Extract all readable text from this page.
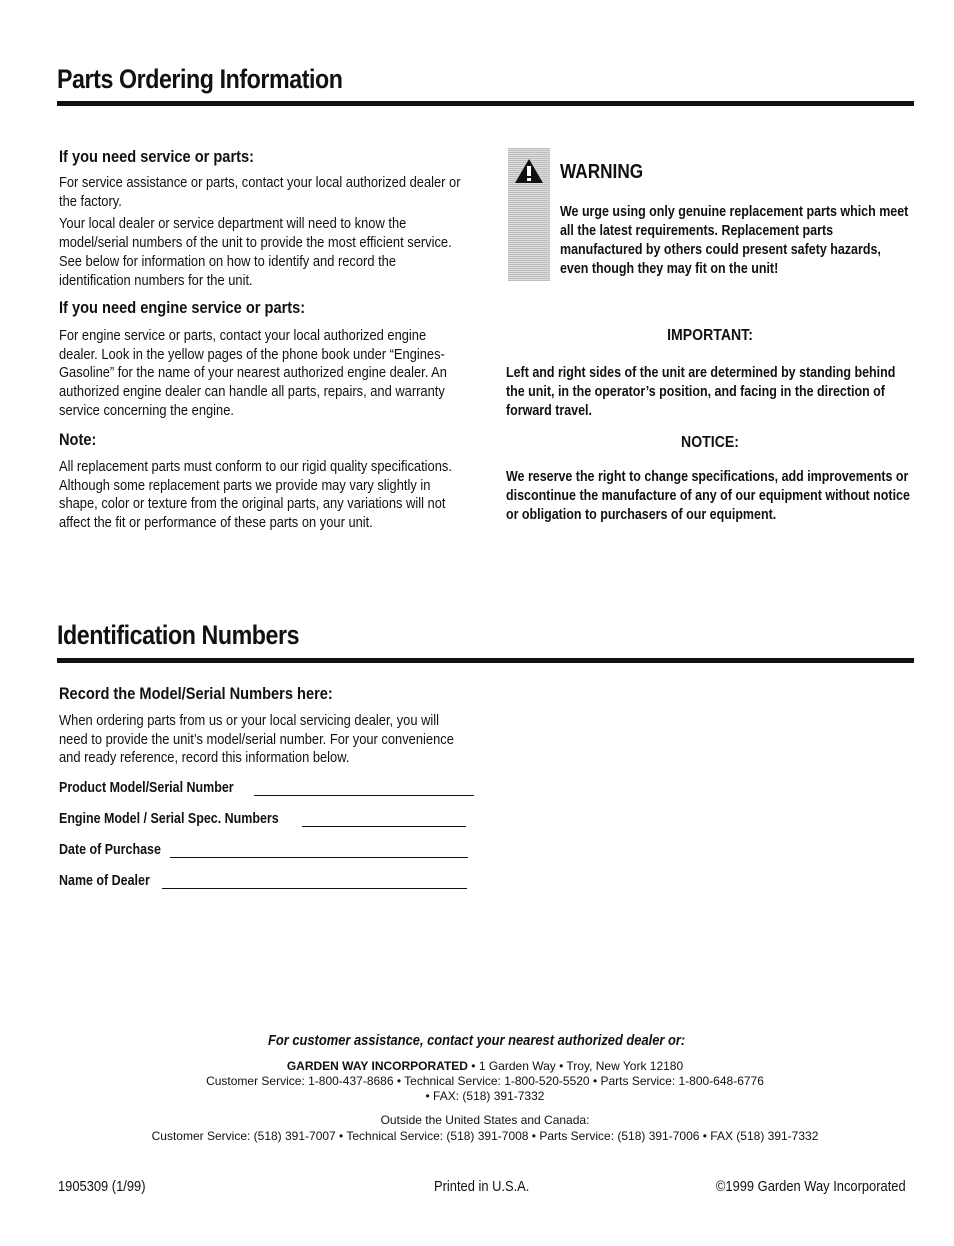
Parts Ordering Information
If you need service or parts:

For service assistance or parts, contact your local authorized dealer or the factory.

Your local dealer or service department will need to know the model/serial numbers of the unit to provide the most efficient service. See below for information on how to identify and record the identification numbers for the unit.

If you need engine service or parts:
For engine service or parts, contact your local authorized engine dealer. Look in the yellow pages of the phone book under “Engines-Gasoline” for the name of your nearest authorized engine dealer. An authorized engine dealer can handle all parts, repairs, and warranty service concerning the engine.
Note:
All replacement parts must conform to our rigid quality specifications. Although some replacement parts we provide may vary slightly in shape, color or texture from the original parts, any variations will not affect the fit or performance of these parts on your unit.
WARNING
We urge using only genuine replacement parts which meet all the latest requirements. Replacement parts manufactured by others could present safety hazards, even though they may fit on the unit!
IMPORTANT:
Left and right sides of the unit are determined by standing behind the unit, in the operator’s position, and facing in the direction of forward travel.
NOTICE:
We reserve the right to change specifications, add improvements or discontinue the manufacture of any of our equipment without notice or obligation to purchasers of our equipment.
Identification Numbers
Record the Model/Serial Numbers here:
When ordering parts from us or your local servicing dealer, you will need to provide the unit’s model/serial number. For your convenience and ready reference, record this information below.
Product Model/Serial Number
Engine Model / Serial Spec. Numbers
Date of Purchase
Name of Dealer
For customer assistance, contact your nearest authorized dealer or:
GARDEN WAY INCORPORATED • 1 Garden Way • Troy, New York 12180
Customer Service: 1-800-437-8686 • Technical Service: 1-800-520-5520 • Parts Service: 1-800-648-6776
• FAX: (518) 391-7332
Outside the United States and Canada:
Customer Service: (518) 391-7007 • Technical Service: (518) 391-7008 • Parts Service: (518) 391-7006 • FAX (518) 391-7332
1905309 (1/99)	Printed in U.S.A.	©1999 Garden Way Incorporated
